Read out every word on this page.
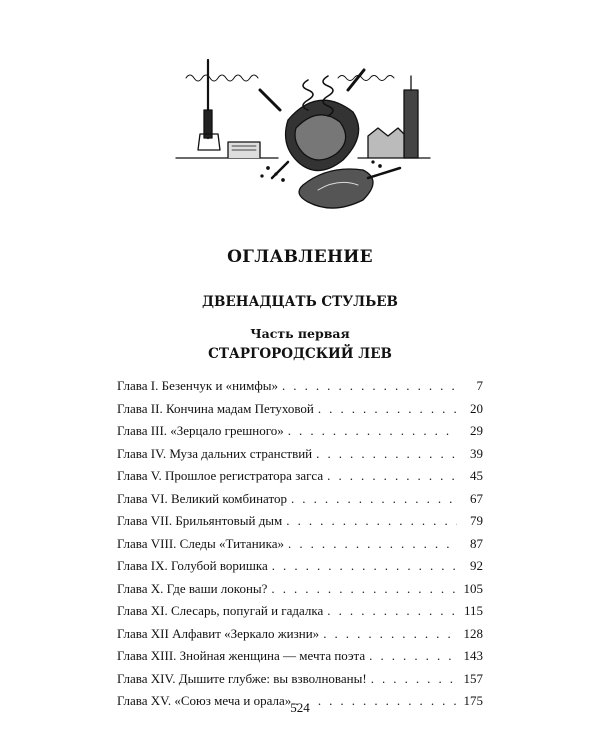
ОГЛАВЛЕНИЕ
ДВЕНАДЦАТЬ СТУЛЬЕВ
Часть первая
СТАРГОРОДСКИЙ ЛЕВ
Глава I. Безенчук и «нимфы» . . .	7
Глава II. Кончина мадам Петуховой . . .	20
Глава III. «Зерцало грешного» . . .	29
Глава IV. Муза дальних странствий . . .	39
Глава V. Прошлое регистратора загса . . .	45
Глава VI. Великий комбинатор . . .	67
Глава VII. Брильянтовый дым . . .	79
Глава VIII. Следы «Титаника» . . .	87
Глава IX. Голубой воришка . . .	92
Глава X. Где ваши локоны? . . .	105
Глава XI. Слесарь, попугай и гадалка . . .	115
Глава XII Алфавит «Зеркало жизни» . . .	128
Глава XIII. Знойная женщина — мечта поэта . . .	143
Глава XIV. Дышите глубже: вы взволнованы! . . .	157
Глава XV. «Союз меча и орала» . . .	175
524
